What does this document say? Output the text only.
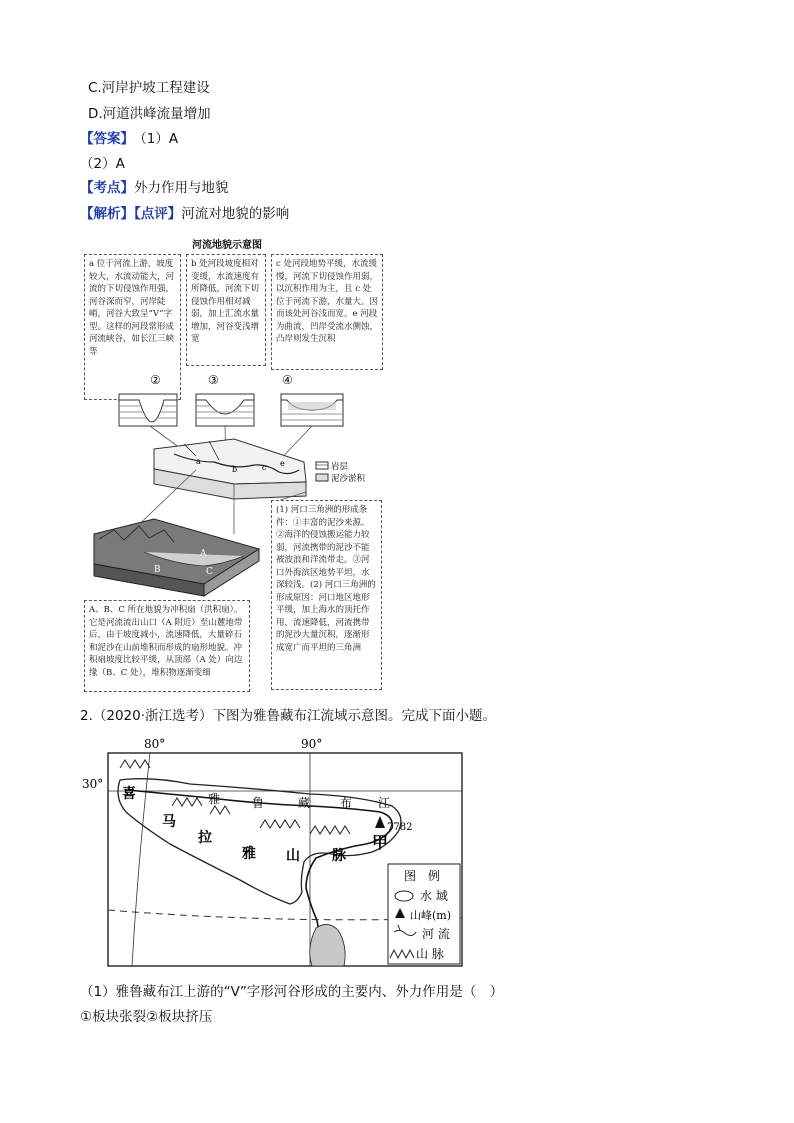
C.河岸护坡工程建设
D.河道洪峰流量增加
【答案】 （1）A
（2）A
【考点】外力作用与地貌
【解析】【点评】河流对地貌的影响
河流地貌示意图
a 位于河流上游，坡度较大，水流动能大，河流的下切侵蚀作用强，河谷深而窄，河岸陡峭，河谷大致呈“V”字型。这样的河段常形成河流峡谷，如长江三峡等
b 处河段坡度相对变缓，水流速度有所降低，河流下切侵蚀作用相对减弱，加上汇流水量增加，河谷变浅增宽
c 处河段地势平缓，水流缓慢，河流下切侵蚀作用弱，以沉积作用为主，且 c 处位于河流下游，水量大。因而该处河谷浅而宽。e 河段为曲流，凹岸受流水侧蚀，凸岸则发生沉积
②	③	④
a
b	c e	岩层
泥沙淤积
A
B	C
(1) 河口三角洲的形成条件：①丰富的泥沙来源。②海洋的侵蚀搬运能力较弱，河流携带的泥沙不能被波浪和洋流带走。③河口外海滨区地势平坦，水深较浅。(2) 河口三角洲的形成原因：河口地区地形平缓，加上海水的顶托作用，流速降低，河流携带的泥沙大量沉积，逐渐形成宽广而平坦的三角洲
A、B、C 所在地貌为冲积扇（洪积扇）。它是河流流出山口（A 附近）至山麓地带后，由于坡度减小，流速降低，大量碎石和泥沙在山前堆积而形成的扇形地貌。冲积扇坡度比较平缓，从顶部（A 处）向边缘（B、C 处），堆积物逐渐变细
2.（2020·浙江选考）下图为雅鲁藏布江流域示意图。完成下面小题。
80°	90°
30°
雅	鲁	藏 布 江
喜
马
拉
雅 山 脉
7782
甲
图　例
水 域
山峰(m)
河 流
山 脉
（1）雅鲁藏布江上游的“V”字形河谷形成的主要内、外力作用是（　）
①板块张裂②板块挤压
